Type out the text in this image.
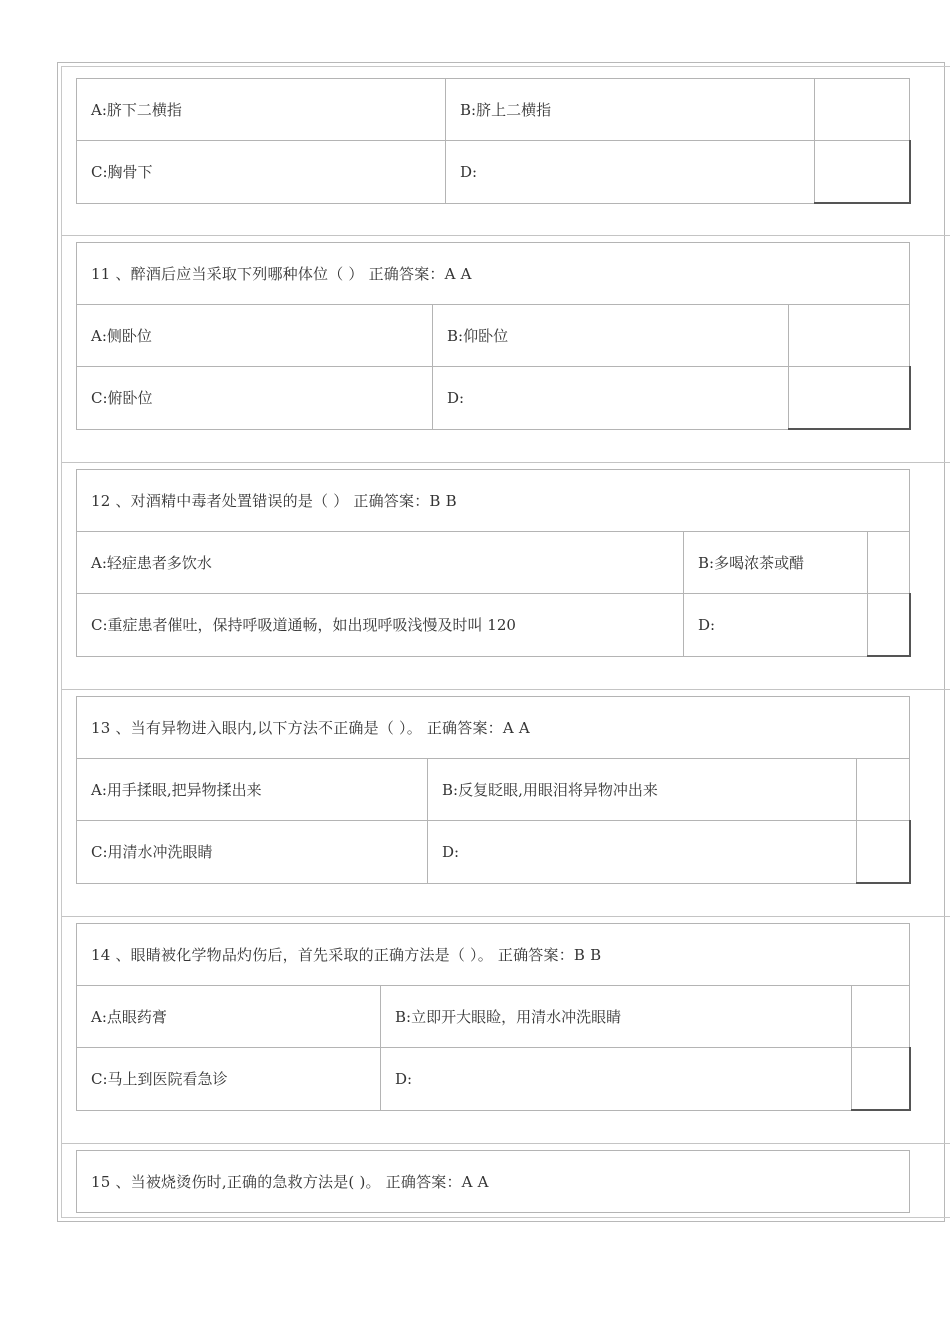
A:脐下二横指	B:脐上二横指	
C:胸骨下	D:	
11 、醉酒后应当采取下列哪种体位（ ） 正确答案：A A		
A:侧卧位	B:仰卧位	
C:俯卧位	D:	
12 、对酒精中毒者处置错误的是（ ） 正确答案：B B		
A:轻症患者多饮水	B:多喝浓茶或醋	
C:重症患者催吐，保持呼吸道通畅，如出现呼吸浅慢及时叫 120	D:	
13 、当有异物进入眼内,以下方法不正确是（ ）。 正确答案：A A		
A:用手揉眼,把异物揉出来	B:反复眨眼,用眼泪将异物冲出来	
C:用清水冲洗眼睛	D:	
14 、眼睛被化学物品灼伤后，首先采取的正确方法是（ ）。 正确答案：B B		
A:点眼药膏	B:立即开大眼睑，用清水冲洗眼睛	
C:马上到医院看急诊	D:	
15 、当被烧烫伤时,正确的急救方法是( )。 正确答案：A A
